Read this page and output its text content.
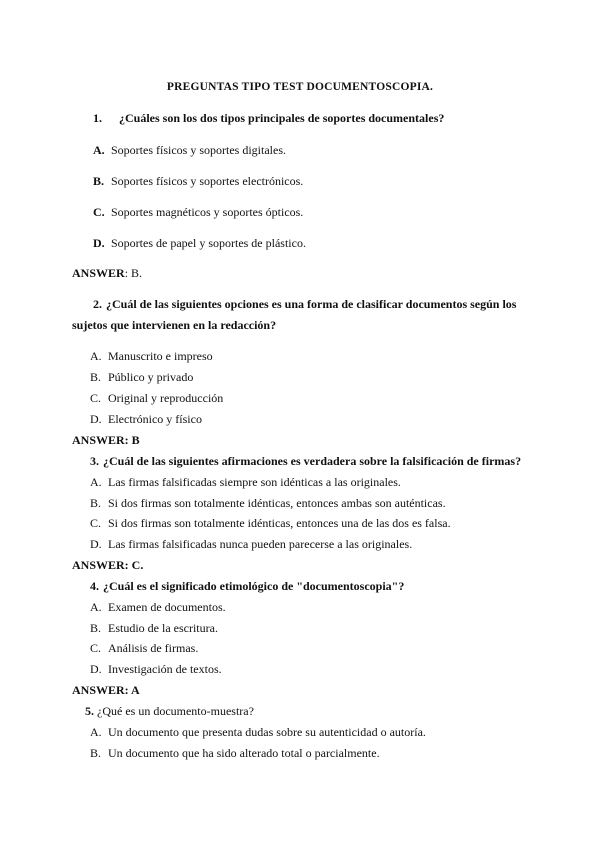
PREGUNTAS TIPO TEST DOCUMENTOSCOPIA.
1. ¿Cuáles son los dos tipos principales de soportes documentales?
A. Soportes físicos y soportes digitales.
B. Soportes físicos y soportes electrónicos.
C. Soportes magnéticos y soportes ópticos.
D. Soportes de papel y soportes de plástico.
ANSWER: B.
2. ¿Cuál de las siguientes opciones es una forma de clasificar documentos según los
sujetos que intervienen en la redacción?
A. Manuscrito e impreso
B. Público y privado
C. Original y reproducción
D. Electrónico y físico
ANSWER: B
3. ¿Cuál de las siguientes afirmaciones es verdadera sobre la falsificación de firmas?
A. Las firmas falsificadas siempre son idénticas a las originales.
B. Si dos firmas son totalmente idénticas, entonces ambas son auténticas.
C. Si dos firmas son totalmente idénticas, entonces una de las dos es falsa.
D. Las firmas falsificadas nunca pueden parecerse a las originales.
ANSWER: C.
4. ¿Cuál es el significado etimológico de "documentoscopia"?
A. Examen de documentos.
B. Estudio de la escritura.
C. Análisis de firmas.
D. Investigación de textos.
ANSWER: A
5. ¿Qué es un documento-muestra?
A. Un documento que presenta dudas sobre su autenticidad o autoría.
B. Un documento que ha sido alterado total o parcialmente.
